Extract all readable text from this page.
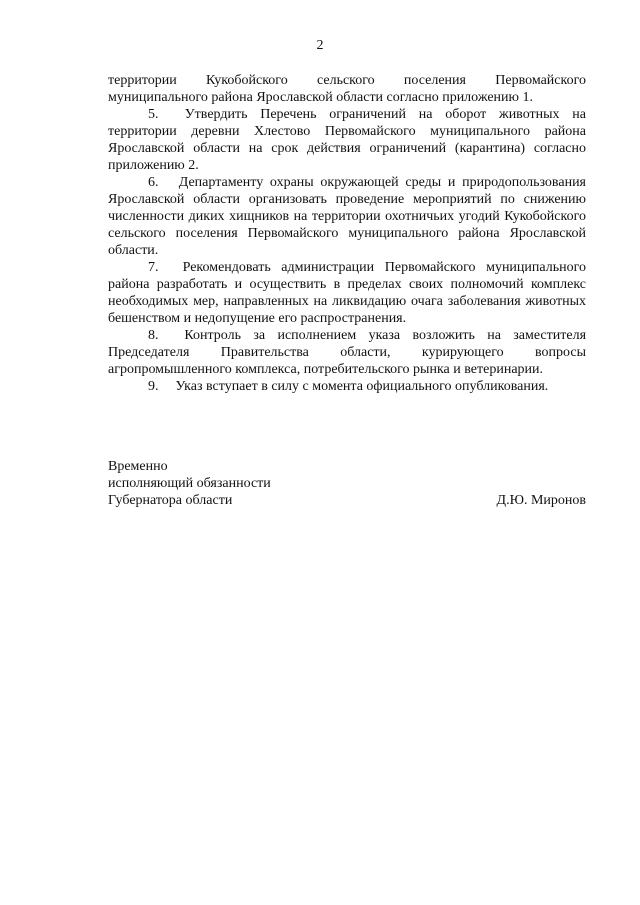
2

территории Кукобойского сельского поселения Первомайского муниципального района Ярославской области согласно приложению 1.

5. Утвердить Перечень ограничений на оборот животных на территории деревни Хлестово Первомайского муниципального района Ярославской области на срок действия ограничений (карантина) согласно приложению 2.

6. Департаменту охраны окружающей среды и природопользования Ярославской области организовать проведение мероприятий по снижению численности диких хищников на территории охотничьих угодий Кукобойского сельского поселения Первомайского муниципального района Ярославской области.

7. Рекомендовать администрации Первомайского муниципального района разработать и осуществить в пределах своих полномочий комплекс необходимых мер, направленных на ликвидацию очага заболевания животных бешенством и недопущение его распространения.

8. Контроль за исполнением указа возложить на заместителя Председателя Правительства области, курирующего вопросы агропромышленного комплекса, потребительского рынка и ветеринарии.

9. Указ вступает в силу с момента официального опубликования.

Временно
исполняющий обязанности
Губернатора области	Д.Ю. Миронов
